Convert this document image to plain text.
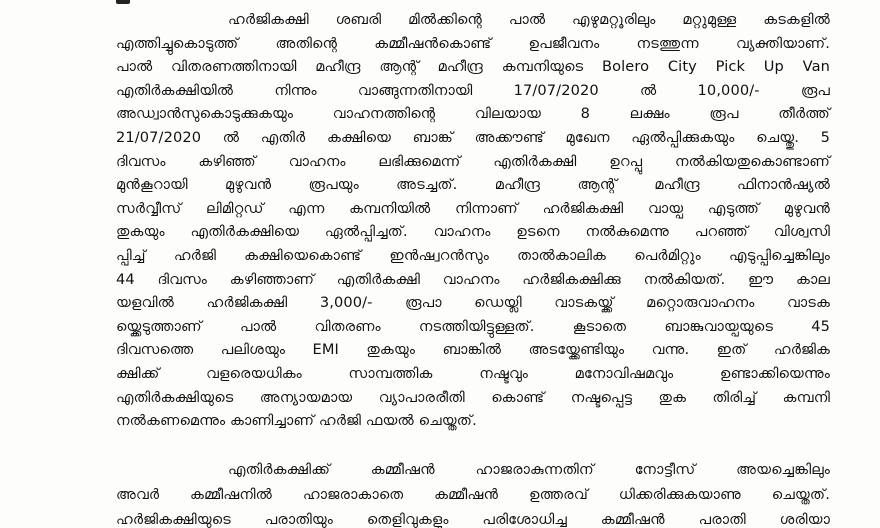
ഹർജികക്ഷി ശബരി മിൽക്കിന്റെ പാൽ എഴുമറ്റൂരിലും മറ്റുമുള്ള കടകളിൽ
എത്തിച്ചുകൊടുത്ത് അതിന്റെ കമ്മീഷൻകൊണ്ട് ഉപജീവനം നടത്തുന്ന വ്യക്തിയാണ്.
പാൽ വിതരണത്തിനായി മഹീന്ദ്ര ആന്റ് മഹീന്ദ്ര കമ്പനിയുടെ Bolero City Pick Up Van
എതിർകക്ഷിയിൽ നിന്നും വാങ്ങുന്നതിനായി 17/07/2020 ൽ 10,000/- രൂപ
അഡ്വാൻസുകൊടുക്കുകയും വാഹനത്തിന്റെ വിലയായ 8 ലക്ഷം രൂപ തീർത്ത്
21/07/2020 ൽ എതിർ കക്ഷിയെ ബാങ്ക് അക്കൗണ്ട് മുഖേന ഏൽപ്പിക്കുകയും ചെയ്തു. 5
ദിവസം കഴിഞ്ഞ് വാഹനം ലഭിക്കുമെന്ന് എതിർകക്ഷി ഉറപ്പു നൽകിയതുകൊണ്ടാണ്
മുൻകൂറായി മുഴുവൻ രൂപയും അടച്ചത്. മഹീന്ദ്ര ആന്റ് മഹീന്ദ്ര ഫിനാൻഷ്യൽ
സർവ്വീസ് ലിമിറ്റഡ് എന്ന കമ്പനിയിൽ നിന്നാണ് ഹർജികക്ഷി വായ്പ എടുത്ത് മുഴുവൻ
തുകയും എതിർകക്ഷിയെ ഏൽപ്പിച്ചത്. വാഹനം ഉടനെ നൽകുമെന്നു പറഞ്ഞ് വിശ്വസി
പ്പിച്ച് ഹർജി കക്ഷിയെകൊണ്ട് ഇൻഷ്വറൻസും താൽകാലിക പെർമിറ്റും എടുപ്പിച്ചെങ്കിലും
44 ദിവസം കഴിഞ്ഞാണ് എതിർകക്ഷി വാഹനം ഹർജികക്ഷിക്കു നൽകിയത്. ഈ കാല
യളവിൽ ഹർജികക്ഷി 3,000/- രൂപാ ഡെയ്ലി വാടകയ്ക്ക് മറ്റൊരുവാഹനം വാടക
യ്ക്കെടുത്താണ് പാൽ വിതരണം നടത്തിയിട്ടുള്ളത്. കൂടാതെ ബാങ്കുവായ്പയുടെ 45
ദിവസത്തെ പലിശയും EMI തുകയും ബാങ്കിൽ അടയ്ക്കേണ്ടിയും വന്നു. ഇത് ഹർജിക
ക്ഷിക്ക് വളരെയധികം സാമ്പത്തിക നഷ്ടവും മനോവിഷമവും ഉണ്ടാക്കിയെന്നും
എതിർകക്ഷിയുടെ അന്യായമായ വ്യാപാരരീതി കൊണ്ട് നഷ്ടപ്പെട്ട തുക തിരിച്ച് കമ്പനി
നൽകണമെന്നും കാണിച്ചാണ് ഹർജി ഫയൽ ചെയ്തത്.
എതിർകക്ഷിക്ക് കമ്മീഷൻ ഹാജരാകുന്നതിന് നോട്ടീസ് അയച്ചെങ്കിലും
അവർ കമ്മീഷനിൽ ഹാജരാകാതെ കമ്മീഷൻ ഉത്തരവ് ധിക്കരിക്കുകയാണു ചെയ്തത്.
ഹർജികക്ഷിയുടെ പരാതിയും തെളിവുകളും പരിശോധിച്ച കമ്മീഷൻ പരാതി ശരിയാ
